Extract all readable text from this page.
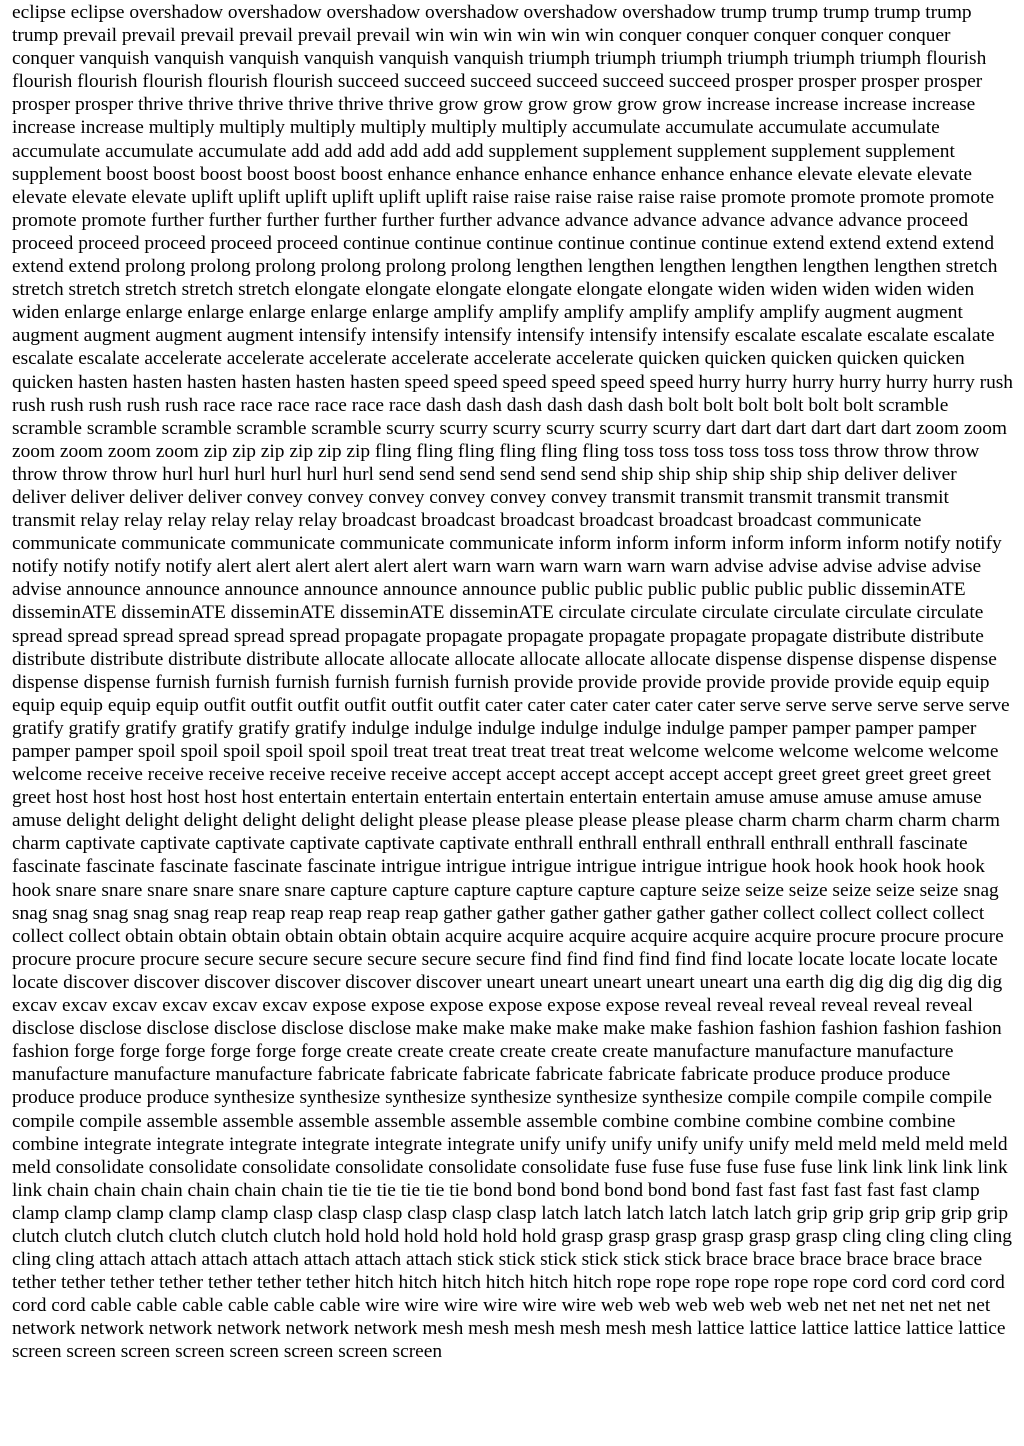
eclipse eclipse overshadow overshadow overshadow overshadow overshadow overshadow trump trump trump trump trump trump prevail prevail prevail prevail prevail prevail win win win win win win conquer conquer conquer conquer conquer conquer vanquish vanquish vanquish vanquish vanquish vanquish triumph triumph triumph triumph triumph triumph flourish flourish flourish flourish flourish flourish succeed succeed succeed succeed succeed succeed prosper prosper prosper prosper prosper prosper thrive thrive thrive thrive thrive thrive grow grow grow grow grow grow increase increase increase increase increase increase multiply multiply multiply multiply multiply multiply accumulate accumulate accumulate accumulate accumulate accumulate accumulate add add add add add add supplement supplement supplement supplement supplement supplement boost boost boost boost boost boost enhance enhance enhance enhance enhance enhance elevate elevate elevate elevate elevate elevate uplift uplift uplift uplift uplift uplift raise raise raise raise raise raise promote promote promote promote promote promote further further further further further further advance advance advance advance advance advance proceed proceed proceed proceed proceed proceed continue continue continue continue continue continue extend extend extend extend extend extend prolong prolong prolong prolong prolong prolong lengthen lengthen lengthen lengthen lengthen lengthen stretch stretch stretch stretch stretch stretch elongate elongate elongate elongate elongate elongate widen widen widen widen widen widen enlarge enlarge enlarge enlarge enlarge enlarge amplify amplify amplify amplify amplify amplify augment augment augment augment augment augment intensify intensify intensify intensify intensify intensify escalate escalate escalate escalate escalate escalate accelerate accelerate accelerate accelerate accelerate accelerate quicken quicken quicken quicken quicken quicken hasten hasten hasten hasten hasten hasten speed speed speed speed speed speed hurry hurry hurry hurry hurry hurry rush rush rush rush rush rush race race race race race race dash dash dash dash dash dash bolt bolt bolt bolt bolt bolt scramble scramble scramble scramble scramble scramble scurry scurry scurry scurry scurry scurry dart dart dart dart dart dart zoom zoom zoom zoom zoom zoom zip zip zip zip zip zip fling fling fling fling fling fling toss toss toss toss toss toss throw throw throw throw throw throw hurl hurl hurl hurl hurl hurl send send send send send send ship ship ship ship ship ship deliver deliver deliver deliver deliver deliver convey convey convey convey convey convey transmit transmit transmit transmit transmit transmit relay relay relay relay relay relay broadcast broadcast broadcast broadcast broadcast broadcast communicate communicate communicate communicate communicate communicate inform inform inform inform inform inform notify notify notify notify notify notify alert alert alert alert alert alert warn warn warn warn warn warn advise advise advise advise advise advise announce announce announce announce announce announce public public public public public public disseminATE disseminATE disseminATE disseminATE disseminATE disseminATE circulate circulate circulate circulate circulate circulate spread spread spread spread spread spread propagate propagate propagate propagate propagate propagate distribute distribute distribute distribute distribute distribute allocate allocate allocate allocate allocate allocate dispense dispense dispense dispense dispense dispense furnish furnish furnish furnish furnish furnish provide provide provide provide provide provide equip equip equip equip equip equip outfit outfit outfit outfit outfit outfit cater cater cater cater cater cater serve serve serve serve serve serve gratify gratify gratify gratify gratify gratify indulge indulge indulge indulge indulge indulge pamper pamper pamper pamper pamper pamper spoil spoil spoil spoil spoil spoil treat treat treat treat treat treat welcome welcome welcome welcome welcome welcome receive receive receive receive receive receive accept accept accept accept accept accept greet greet greet greet greet greet host host host host host host entertain entertain entertain entertain entertain entertain amuse amuse amuse amuse amuse amuse delight delight delight delight delight delight please please please please please please charm charm charm charm charm charm captivate captivate captivate captivate captivate captivate enthrall enthrall enthrall enthrall enthrall enthrall fascinate fascinate fascinate fascinate fascinate fascinate intrigue intrigue intrigue intrigue intrigue intrigue hook hook hook hook hook hook snare snare snare snare snare snare capture capture capture capture capture capture seize seize seize seize seize seize snag snag snag snag snag snag reap reap reap reap reap reap gather gather gather gather gather gather collect collect collect collect collect collect obtain obtain obtain obtain obtain obtain acquire acquire acquire acquire acquire acquire procure procure procure procure procure procure secure secure secure secure secure secure find find find find find find locate locate locate locate locate locate discover discover discover discover discover discover uneart uneart uneart uneart uneart una earth dig dig dig dig dig dig excav excav excav excav excav excav expose expose expose expose expose expose reveal reveal reveal reveal reveal reveal disclose disclose disclose disclose disclose disclose make make make make make make fashion fashion fashion fashion fashion fashion forge forge forge forge forge forge create create create create create create manufacture manufacture manufacture manufacture manufacture manufacture fabricate fabricate fabricate fabricate fabricate fabricate produce produce produce produce produce produce synthesize synthesize synthesize synthesize synthesize synthesize compile compile compile compile compile compile assemble assemble assemble assemble assemble assemble combine combine combine combine combine combine integrate integrate integrate integrate integrate integrate unify unify unify unify unify unify meld meld meld meld meld meld consolidate consolidate consolidate consolidate consolidate consolidate fuse fuse fuse fuse fuse fuse link link link link link link chain chain chain chain chain chain tie tie tie tie tie tie bond bond bond bond bond bond fast fast fast fast fast fast clamp clamp clamp clamp clamp clamp clasp clasp clasp clasp clasp clasp latch latch latch latch latch latch grip grip grip grip grip grip clutch clutch clutch clutch clutch clutch hold hold hold hold hold hold grasp grasp grasp grasp grasp grasp cling cling cling cling cling cling attach attach attach attach attach attach attach stick stick stick stick stick stick brace brace brace brace brace brace tether tether tether tether tether tether tether hitch hitch hitch hitch hitch hitch rope rope rope rope rope rope cord cord cord cord cord cord cable cable cable cable cable cable wire wire wire wire wire wire web web web web web web net net net net net net network network network network network network mesh mesh mesh mesh mesh mesh lattice lattice lattice lattice lattice lattice screen screen screen screen screen screen screen screen
